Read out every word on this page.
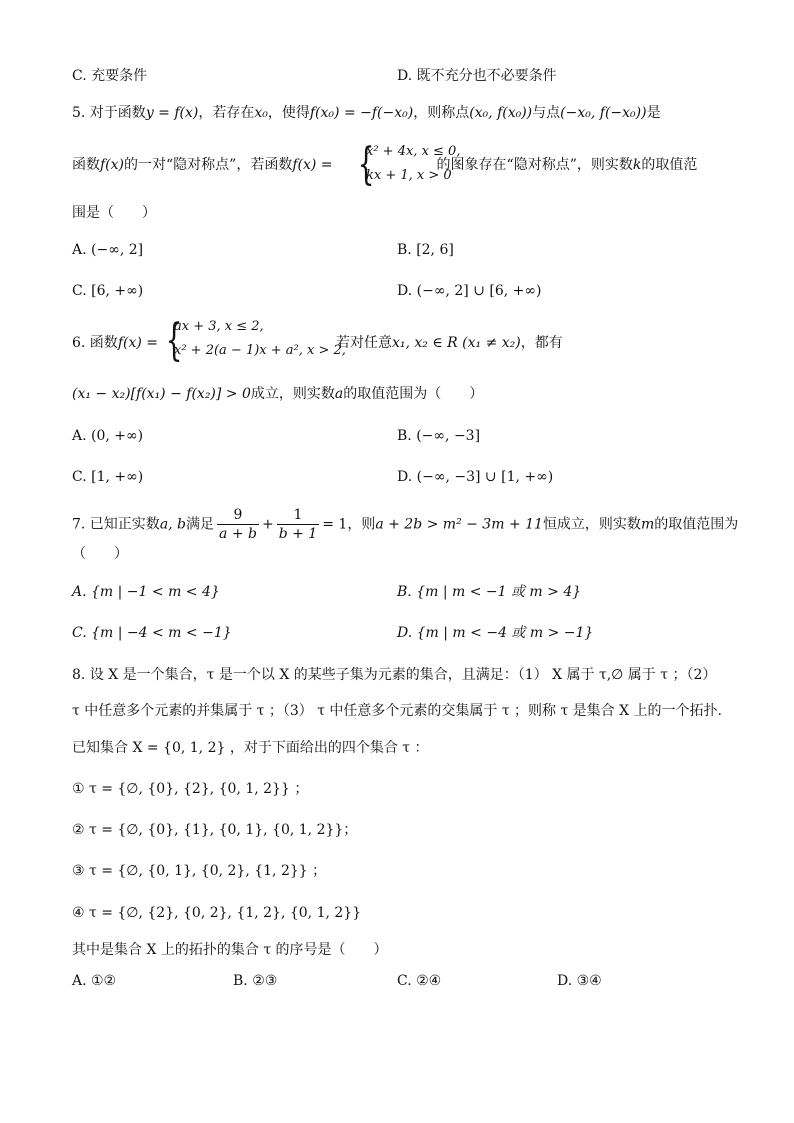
C. 充要条件	D. 既不充分也不必要条件
5. 对于函数y = f(x)，若存在x₀，使得f(x₀) = −f(−x₀)，则称点(x₀, f(x₀))与点(−x₀, f(−x₀))是
函数f(x)的一对“隐对称点”，若函数f(x) =	的图象存在“隐对称点”，则实数k的取值范
{
x² + 4x, x ≤ 0,
kx + 1, x > 0
围是（　　）
A. (−∞, 2]	B. [2, 6]
C. [6, +∞)	D. (−∞, 2] ∪ [6, +∞)
6. 函数f(x) =	若对任意x₁, x₂ ∈ R (x₁ ≠ x₂)，都有
{
ax + 3, x ≤ 2,
x² + 2(a − 1)x + a², x > 2,
(x₁ − x₂)[f(x₁) − f(x₂)] > 0成立，则实数a的取值范围为（　　）
A. (0, +∞)	B. (−∞, −3]
C. [1, +∞)	D. (−∞, −3] ∪ [1, +∞)
7. 已知正实数a, b满足 $\frac{9}{a + b} + \frac{1}{b + 1} = 1$，则a + 2b > m² − 3m + 11恒成立，则实数m的取值范围为
（　　）
A. {m | −1 < m < 4}	B. {m | m < −1 或 m > 4}
C. {m | −4 < m < −1}	D. {m | m < −4 或 m > −1}
8. 设 X 是一个集合，τ 是一个以 X 的某些子集为元素的集合，且满足：（1） X 属于 τ,∅ 属于 τ ；（2）
τ 中任意多个元素的并集属于 τ ；（3） τ 中任意多个元素的交集属于 τ ；则称 τ 是集合 X 上的一个拓扑.
已知集合 X = {0, 1, 2} ，对于下面给出的四个集合 τ ：
① τ = {∅, {0}, {2}, {0, 1, 2}} ；
② τ = {∅, {0}, {1}, {0, 1}, {0, 1, 2}}；
③ τ = {∅, {0, 1}, {0, 2}, {1, 2}} ；
④ τ = {∅, {2}, {0, 2}, {1, 2}, {0, 1, 2}}
其中是集合 X 上的拓扑的集合 τ 的序号是（　　）
A. ①②	B. ②③	C. ②④	D. ③④
